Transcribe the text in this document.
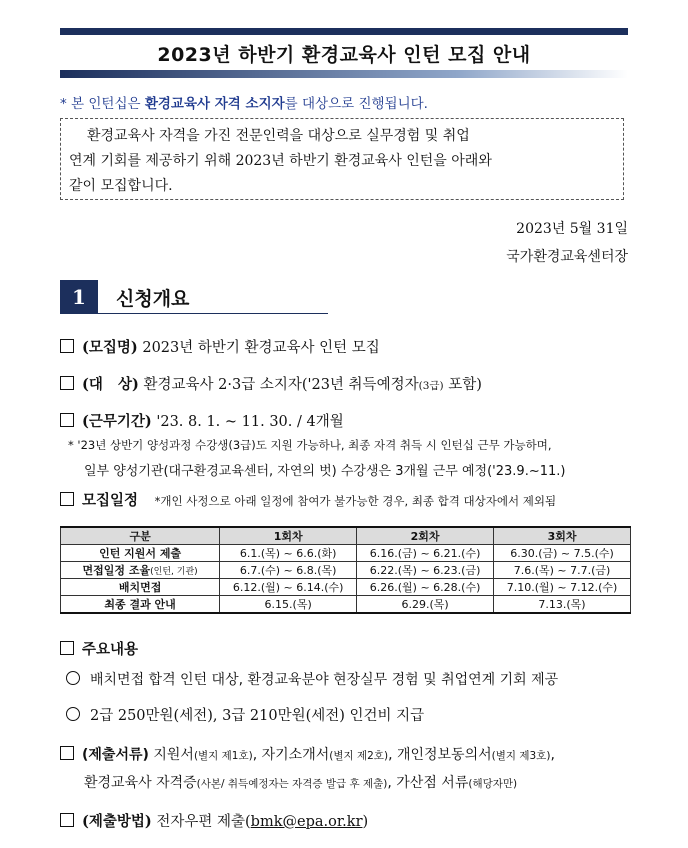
2023년 하반기 환경교육사 인턴 모집 안내
* 본 인턴십은 환경교육사 자격 소지자를 대상으로 진행됩니다.
환경교육사 자격을 가진 전문인력을 대상으로 실무경험 및 취업
연계 기회를 제공하기 위해 2023년 하반기 환경교육사 인턴을 아래와
같이 모집합니다.
2023년 5월 31일
국가환경교육센터장
1	신청개요
(모집명) 2023년 하반기 환경교육사 인턴 모집
(대   상) 환경교육사 2·3급 소지자('23년 취득예정자(3급) 포함)
(근무기간) '23. 8. 1. ~ 11. 30. / 4개월
* '23년 상반기 양성과정 수강생(3급)도 지원 가능하나, 최종 자격 취득 시 인턴십 근무 가능하며,
일부 양성기관(대구환경교육센터, 자연의 벗) 수강생은 3개월 근무 예정('23.9.~11.)
모집일정 *개인 사정으로 아래 일정에 참여가 불가능한 경우, 최종 합격 대상자에서 제외됨
구분	1회차	2회차	3회차
인턴 지원서 제출	6.1.(목) ~ 6.6.(화)	6.16.(금) ~ 6.21.(수)	6.30.(금) ~ 7.5.(수)
면접일정 조율(인턴, 기관)	6.7.(수) ~ 6.8.(목)	6.22.(목) ~ 6.23.(금)	7.6.(목) ~ 7.7.(금)
배치면접	6.12.(월) ~ 6.14.(수)	6.26.(월) ~ 6.28.(수)	7.10.(월) ~ 7.12.(수)
최종 결과 안내	6.15.(목)	6.29.(목)	7.13.(목)
주요내용
배치면접 합격 인턴 대상, 환경교육분야 현장실무 경험 및 취업연계 기회 제공
2급 250만원(세전), 3급 210만원(세전) 인건비 지급
(제출서류) 지원서(별지 제1호), 자기소개서(별지 제2호), 개인정보동의서(별지 제3호),
환경교육사 자격증(사본/ 취득예정자는 자격증 발급 후 제출), 가산점 서류(해당자만)
(제출방법) 전자우편 제출(bmk@epa.or.kr)
